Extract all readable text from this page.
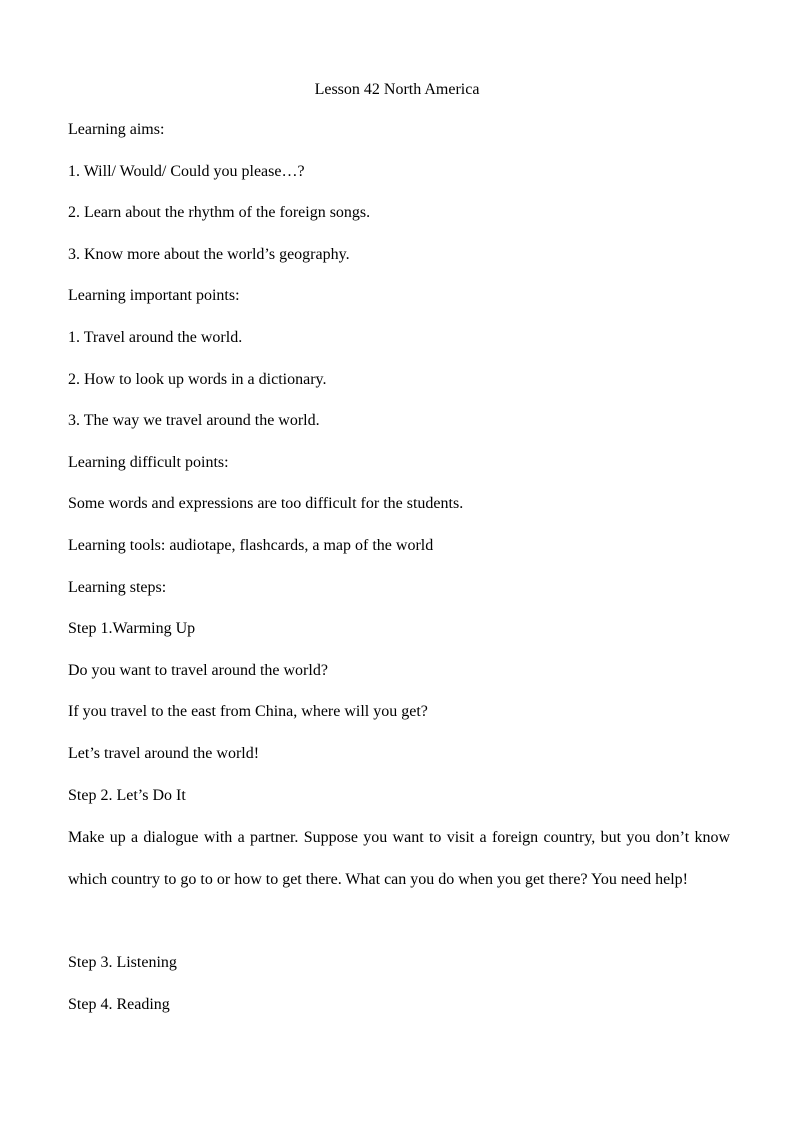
Lesson 42 North America
Learning aims:
1. Will/ Would/ Could you please…?
2. Learn about the rhythm of the foreign songs.
3. Know more about the world’s geography.
Learning important points:
1. Travel around the world.
2. How to look up words in a dictionary.
3. The way we travel around the world.
Learning difficult points:
Some words and expressions are too difficult for the students.
Learning tools: audiotape, flashcards, a map of the world
Learning steps:
Step 1.Warming Up
Do you want to travel around the world?
If you travel to the east from China, where will you get?
Let’s travel around the world!
Step 2. Let’s Do It
Make up a dialogue with a partner. Suppose you want to visit a foreign country, but you don’t know which country to go to or how to get there. What can you do when you get there? You need help!
Step 3. Listening
Step 4. Reading
